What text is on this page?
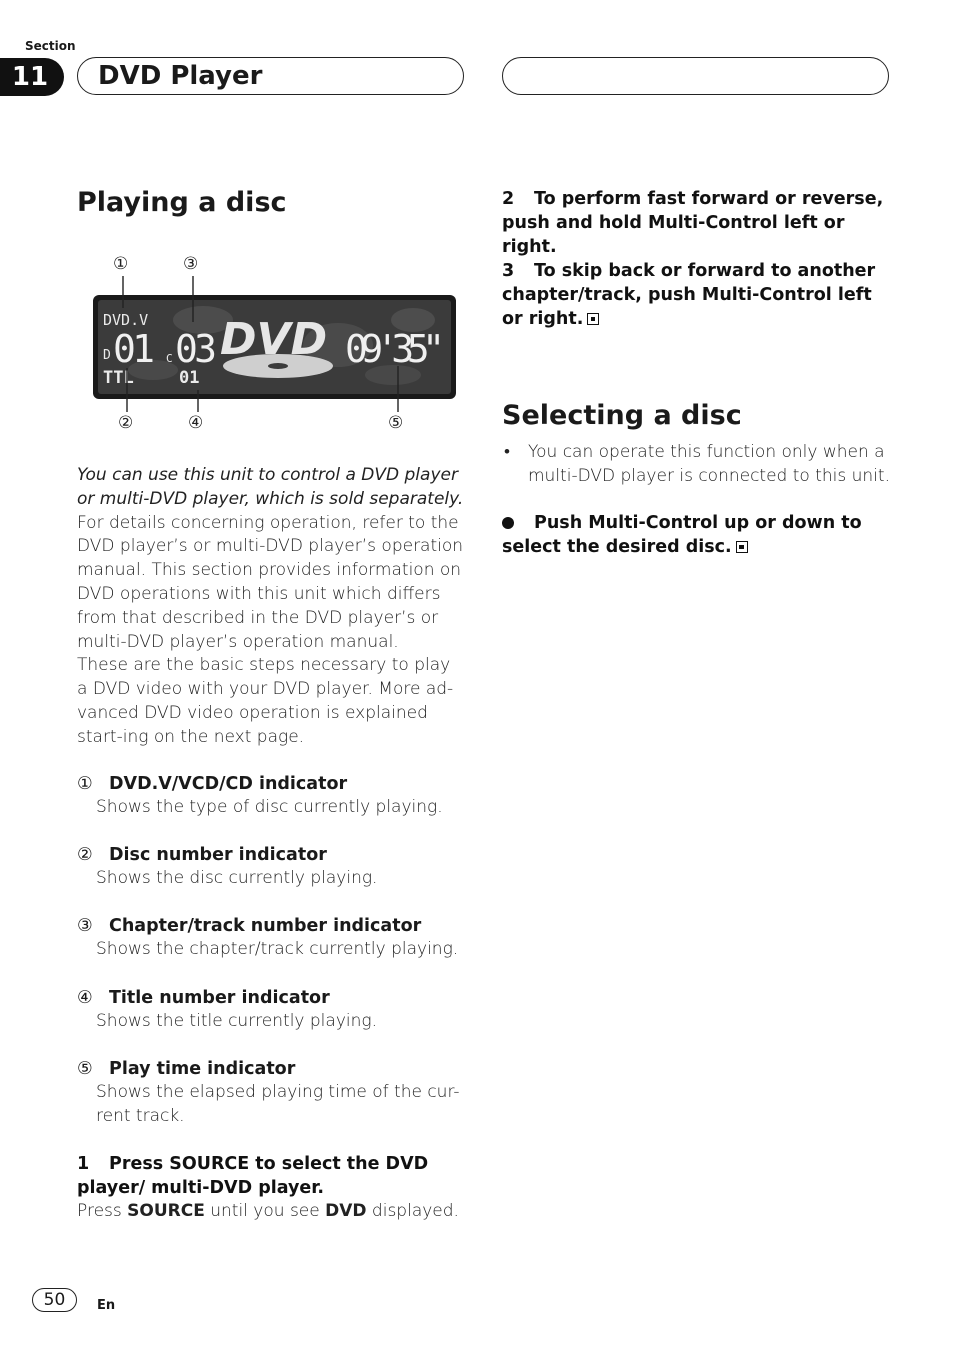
Section
11	DVD Player
Playing a disc
DVD
DVD.V
D 01 C 03
TTL	01
09'35"
①	③
②	④	⑤
You can use this unit to control a DVD player or multi-DVD player, which is sold separately.
For details concerning operation, refer to the DVD player’s or multi-DVD player’s operation manual. This section provides information on DVD operations with this unit which differs from that described in the DVD player’s or multi-DVD player’s operation manual.
These are the basic steps necessary to play a DVD video with your DVD player. More ad-vanced DVD video operation is explained start-ing on the next page.
① DVD.V/VCD/CD indicator
Shows the type of disc currently playing.
② Disc number indicator
Shows the disc currently playing.
③ Chapter/track number indicator
Shows the chapter/track currently playing.
④ Title number indicator
Shows the title currently playing.
⑤ Play time indicator
Shows the elapsed playing time of the cur-rent track.
1 Press SOURCE to select the DVD player/ multi-DVD player.
Press SOURCE until you see DVD displayed.
2 To perform fast forward or reverse, push and hold Multi-Control left or right.
3 To skip back or forward to another chapter/track, push Multi-Control left or right.
Selecting a disc
• You can operate this function only when a multi-DVD player is connected to this unit.
Push Multi-Control up or down to select the desired disc.
50	En
